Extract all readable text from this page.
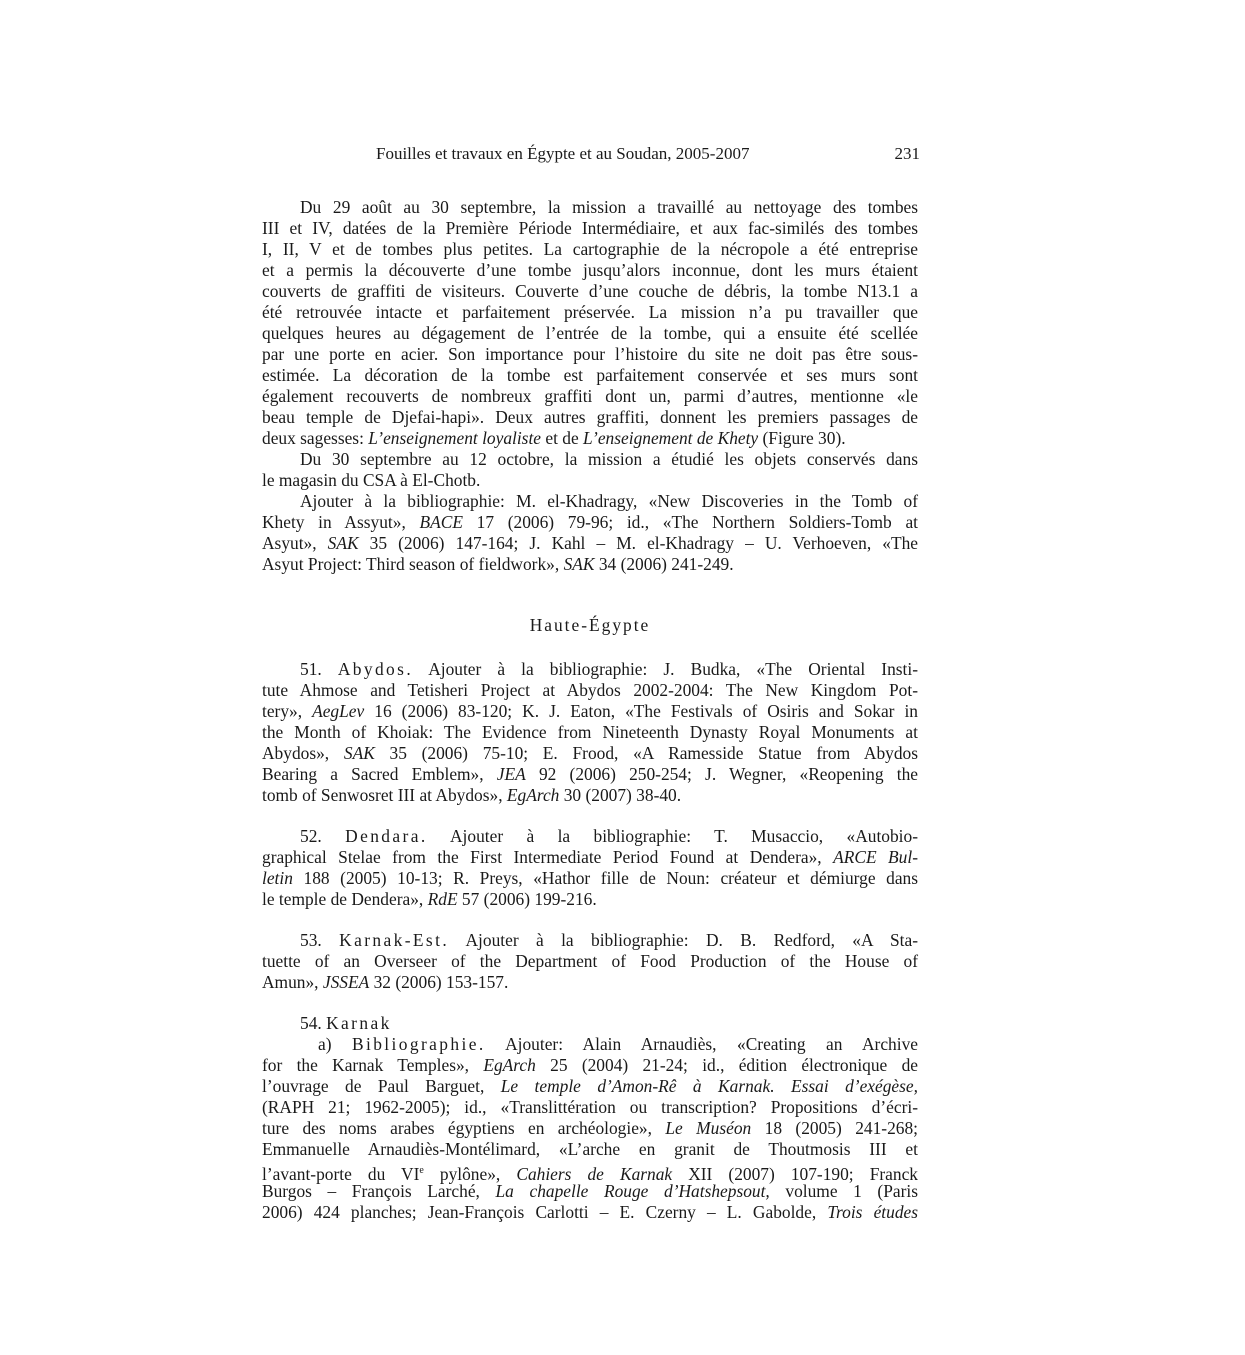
Fouilles et travaux en Égypte et au Soudan, 2005-2007	231
Haute-Égypte
Du 29 août au 30 septembre, la mission a travaillé au nettoyage des tombes
III et IV, datées de la Première Période Intermédiaire, et aux fac-similés des tombes
I, II, V et de tombes plus petites. La cartographie de la nécropole a été entreprise
et a permis la découverte d’une tombe jusqu’alors inconnue, dont les murs étaient
couverts de graffiti de visiteurs. Couverte d’une couche de débris, la tombe N13.1 a
été retrouvée intacte et parfaitement préservée. La mission n’a pu travailler que
quelques heures au dégagement de l’entrée de la tombe, qui a ensuite été scellée
par une porte en acier. Son importance pour l’histoire du site ne doit pas être sous-
estimée. La décoration de la tombe est parfaitement conservée et ses murs sont
également recouverts de nombreux graffiti dont un, parmi d’autres, mentionne «le
beau temple de Djefai-hapi». Deux autres graffiti, donnent les premiers passages de
deux sagesses: L’enseignement loyaliste et de L’enseignement de Khety (Figure 30).
Du 30 septembre au 12 octobre, la mission a étudié les objets conservés dans
le magasin du CSA à El-Chotb.
Ajouter à la bibliographie: M. el-Khadragy, «New Discoveries in the Tomb of
Khety in Assyut», BACE 17 (2006) 79-96; id., «The Northern Soldiers-Tomb at
Asyut», SAK 35 (2006) 147-164; J. Kahl – M. el-Khadragy – U. Verhoeven, «The
Asyut Project: Third season of fieldwork», SAK 34 (2006) 241-249.
51. Abydos. Ajouter à la bibliographie: J. Budka, «The Oriental Insti-
tute Ahmose and Tetisheri Project at Abydos 2002-2004: The New Kingdom Pot-
tery», AegLev 16 (2006) 83-120; K. J. Eaton, «The Festivals of Osiris and Sokar in
the Month of Khoiak: The Evidence from Nineteenth Dynasty Royal Monuments at
Abydos», SAK 35 (2006) 75-10; E. Frood, «A Ramesside Statue from Abydos
Bearing a Sacred Emblem», JEA 92 (2006) 250-254; J. Wegner, «Reopening the
tomb of Senwosret III at Abydos», EgArch 30 (2007) 38-40.
52. Dendara. Ajouter à la bibliographie: T. Musaccio, «Autobio-
graphical Stelae from the First Intermediate Period Found at Dendera», ARCE Bul-
letin 188 (2005) 10-13; R. Preys, «Hathor fille de Noun: créateur et démiurge dans
le temple de Dendera», RdE 57 (2006) 199-216.
53. Karnak-Est. Ajouter à la bibliographie: D. B. Redford, «A Sta-
tuette of an Overseer of the Department of Food Production of the House of
Amun», JSSEA 32 (2006) 153-157.
54. Karnak
a) Bibliographie. Ajouter: Alain Arnaudiès, «Creating an Archive
for the Karnak Temples», EgArch 25 (2004) 21-24; id., édition électronique de
l’ouvrage de Paul Barguet, Le temple d’Amon-Rê à Karnak. Essai d’exégèse,
(RAPH 21; 1962-2005); id., «Translittération ou transcription? Propositions d’écri-
ture des noms arabes égyptiens en archéologie», Le Muséon 18 (2005) 241-268;
Emmanuelle Arnaudiès-Montélimard, «L’arche en granit de Thoutmosis III et
l’avant-porte du VIe pylône», Cahiers de Karnak XII (2007) 107-190; Franck
Burgos – François Larché, La chapelle Rouge d’Hatshepsout, volume 1 (Paris
2006) 424 planches; Jean-François Carlotti – E. Czerny – L. Gabolde, Trois études
